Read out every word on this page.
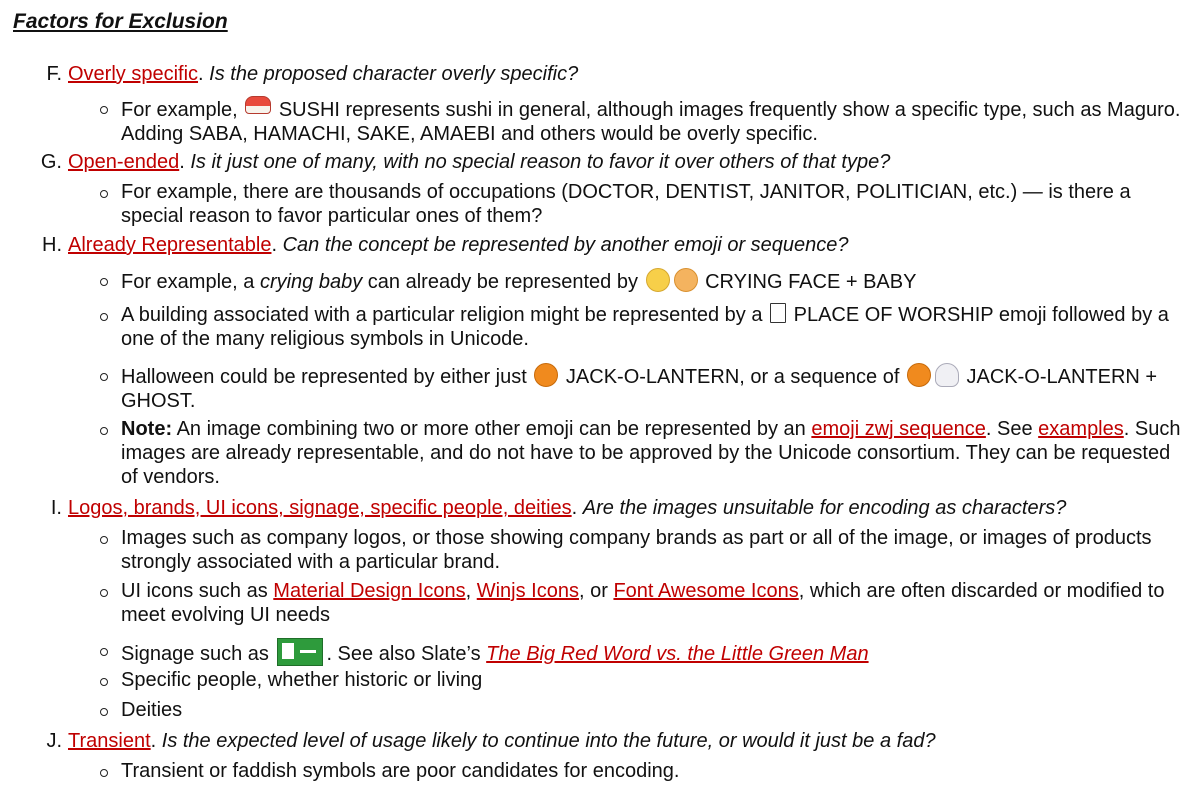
Factors for Exclusion
F. Overly specific. Is the proposed character overly specific?
For example,  SUSHI represents sushi in general, although images frequently show a specific type, such as Maguro. Adding SABA, HAMACHI, SAKE, AMAEBI and others would be overly specific.
G. Open-ended. Is it just one of many, with no special reason to favor it over others of that type?
For example, there are thousands of occupations (DOCTOR, DENTIST, JANITOR, POLITICIAN, etc.) — is there a special reason to favor particular ones of them?
H. Already Representable. Can the concept be represented by another emoji or sequence?
For example, a crying baby can already be represented by	CRYING FACE + BABY
A building associated with a particular religion might be represented by a  PLACE OF WORSHIP emoji followed by a one of the many religious symbols in Unicode.
Halloween could be represented by either just  JACK-O-LANTERN, or a sequence of	JACK-O-LANTERN + GHOST.
Note: An image combining two or more other emoji can be represented by an emoji zwj sequence. See examples. Such images are already representable, and do not have to be approved by the Unicode consortium. They can be requested of vendors.
I. Logos, brands, UI icons, signage, specific people, deities. Are the images unsuitable for encoding as characters?
Images such as company logos, or those showing company brands as part or all of the image, or images of products strongly associated with a particular brand.
UI icons such as Material Design Icons, Winjs Icons, or Font Awesome Icons, which are often discarded or modified to meet evolving UI needs
Signage such as	. See also Slate’s The Big Red Word vs. the Little Green Man
Specific people, whether historic or living
Deities
J. Transient. Is the expected level of usage likely to continue into the future, or would it just be a fad?
Transient or faddish symbols are poor candidates for encoding.
